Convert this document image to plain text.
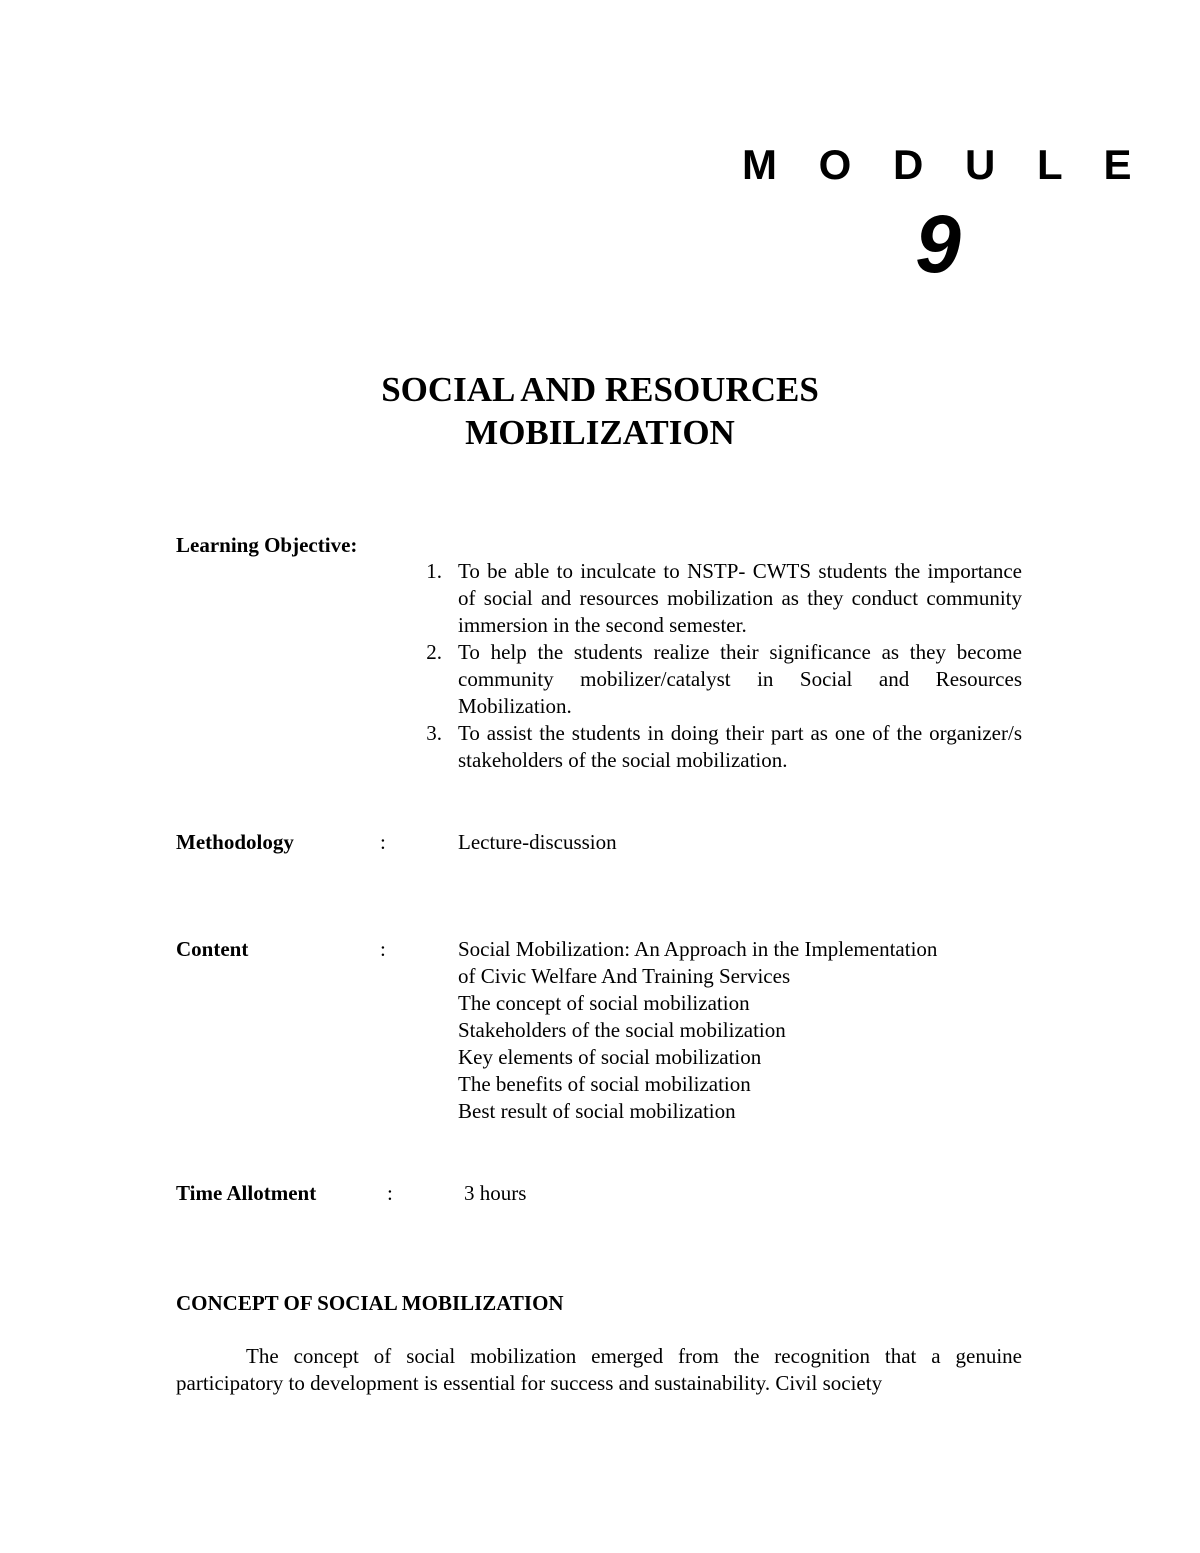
M O D U L E
9
SOCIAL AND RESOURCES
MOBILIZATION
Learning Objective:
1. To be able to inculcate to NSTP- CWTS students the importance of social and resources mobilization as they conduct community immersion in the second semester.
2. To help the students realize their significance as they become community mobilizer/catalyst in Social and Resources Mobilization.
3. To assist the students in doing their part as one of the organizer/s stakeholders of the social mobilization.
Methodology	:	Lecture-discussion
Content	:	Social Mobilization: An Approach in the Implementation
of Civic Welfare And Training Services
The concept of social mobilization
Stakeholders of the social mobilization
Key elements of social mobilization
The benefits of social mobilization
Best result of social mobilization
Time Allotment	:	3 hours
CONCEPT OF SOCIAL MOBILIZATION
The concept of social mobilization emerged from the recognition that a genuine participatory to development is essential for success and sustainability. Civil society
